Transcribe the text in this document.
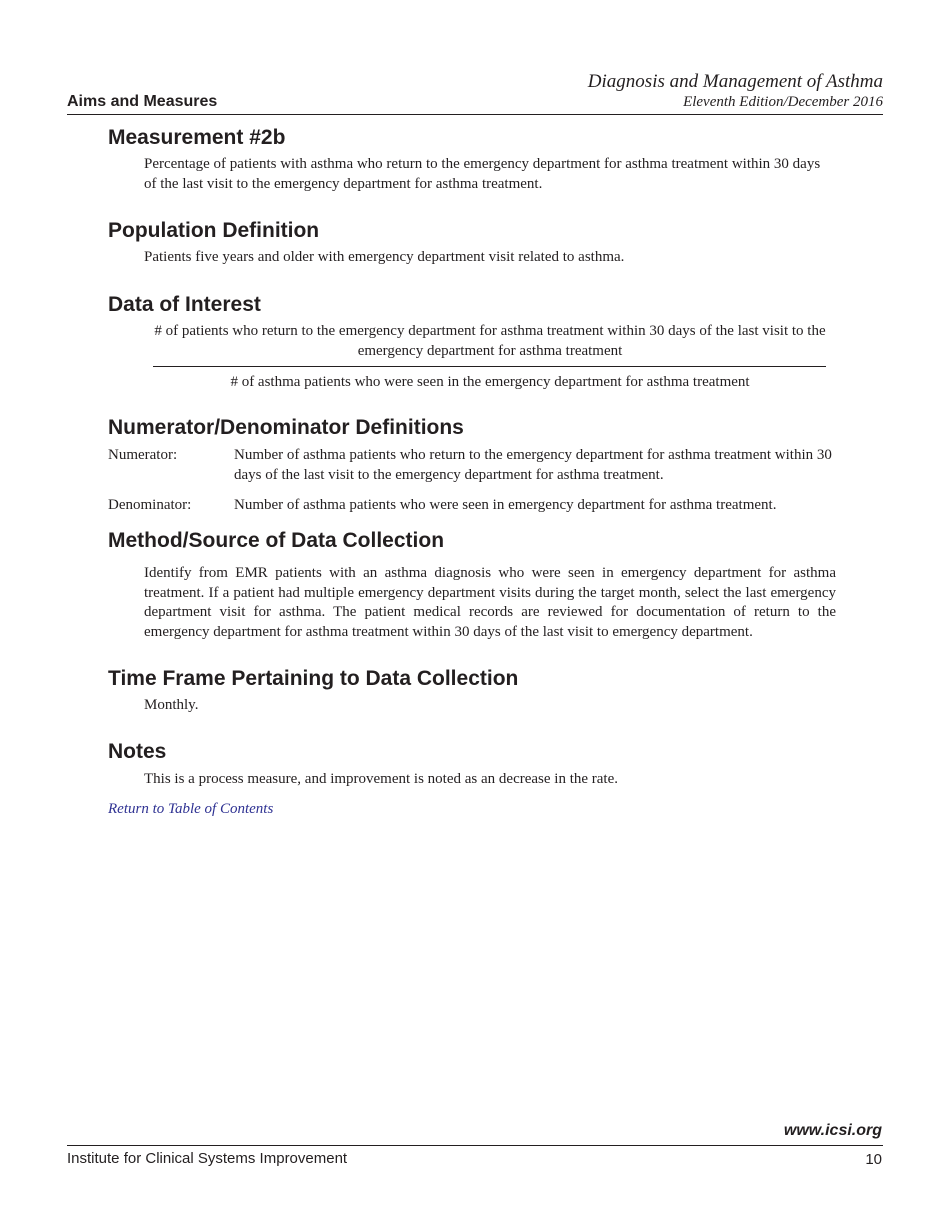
Aims and Measures
Diagnosis and Management of Asthma
Eleventh Edition/December 2016
Measurement #2b

Percentage of patients with asthma who return to the emergency department for asthma treatment within 30 days of the last visit to the emergency department for asthma treatment.

Population Definition

Patients five years and older with emergency department visit related to asthma.

Data of Interest
# of patients who return to the emergency department for asthma treatment within 30 days of the last visit to the emergency department for asthma treatment
# of asthma patients who were seen in the emergency department for asthma treatment
Numerator/Denominator Definitions
Numerator:	Number of asthma patients who return to the emergency department for asthma treatment within 30 days of the last visit to the emergency department for asthma treatment.
Denominator:	Number of asthma patients who were seen in emergency department for asthma treatment.
Method/Source of Data Collection

Identify from EMR patients with an asthma diagnosis who were seen in emergency department for asthma treatment. If a patient had multiple emergency department visits during the target month, select the last emergency department visit for asthma. The patient medical records are reviewed for documentation of return to the emergency department for asthma treatment within 30 days of the last visit to emergency department.

Time Frame Pertaining to Data Collection

Monthly.

Notes

This is a process measure, and improvement is noted as an decrease in the rate.

Return to Table of Contents
www.icsi.org
Institute for Clinical Systems Improvement	10
